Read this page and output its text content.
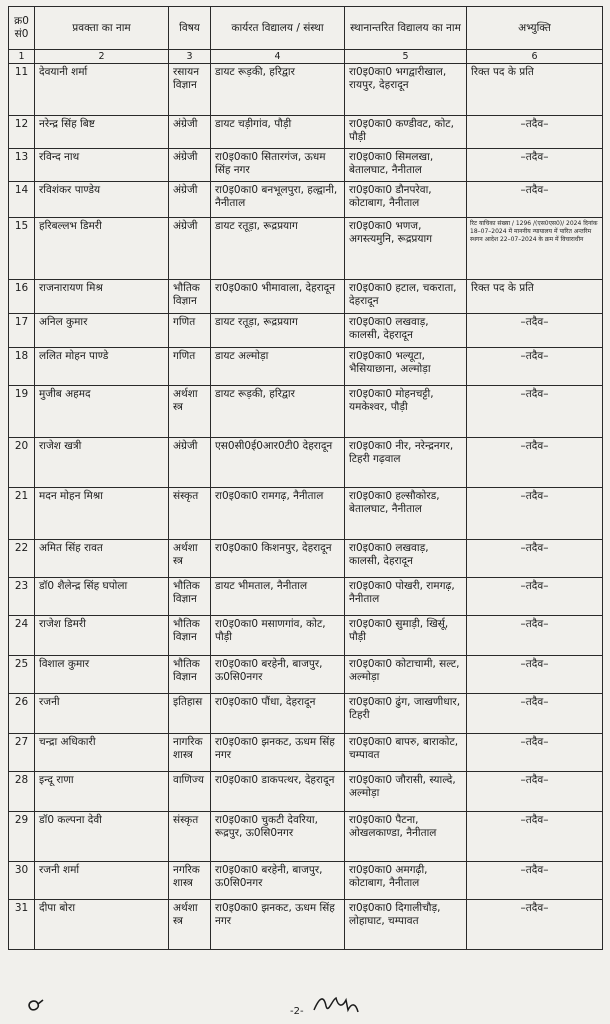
क्र0 सं0	प्रवक्ता का नाम	विषय	कार्यरत विद्यालय / संस्था	स्थानान्तरित विद्यालय का नाम	अभ्युक्ति
1	2	3	4	5	6
11	देवयानी शर्मा	रसायन विज्ञान	डायट रूड़की, हरिद्वार	रा0इ0का0 भगद्वारीखाल, रायपुर, देहरादून	रिक्त पद के प्रति
12	नरेन्द्र सिंह बिष्ट	अंग्रेजी	डायट चड़ीगांव, पौड़ी	रा0इ0का0 कण्डीवट, कोट, पौड़ी	–तदैव–
13	रविन्द नाथ	अंग्रेजी	रा0इ0का0 सितारगंज, ऊधम सिंह नगर	रा0इ0का0 सिमलखा, बेतालघाट, नैनीताल	–तदैव–
14	रविशंकर पाण्डेय	अंग्रेजी	रा0इ0का0 बनभूलपुरा, हल्द्वानी, नैनीताल	रा0इ0का0 डौनपरेवा, कोटाबाग, नैनीताल	–तदैव–
15	हरिबल्लभ डिमरी	अंग्रेजी	डायट रतूड़ा, रूद्रप्रयाग	रा0इ0का0 भणज, अगस्त्यमुनि, रूद्रप्रयाग	रिट याचिका संख्या / 1296 /(एस0एस0)/ 2024 दिनांक 18–07–2024 में माननीय न्यायालय में पारित अन्तरिम स्थगन आदेश 22–07–2024 के क्रम में विचाराधीन
16	राजनारायण मिश्र	भौतिक विज्ञान	रा0इ0का0 भीमावाला, देहरादून	रा0इ0का0 हटाल, चकराता, देहरादून	रिक्त पद के प्रति
17	अनिल कुमार	गणित	डायट रतूड़ा, रूद्रप्रयाग	रा0इ0का0 लखवाड़, कालसी, देहरादून	–तदैव–
18	ललित मोहन पाण्डे	गणित	डायट अल्मोड़ा	रा0इ0का0 भल्यूटा, भैसियाछाना, अल्मोड़ा	–तदैव–
19	मुजीब अहमद	अर्थशास्त्र	डायट रूड़की, हरिद्वार	रा0इ0का0 मोहनचट्टी, यमकेश्वर, पौड़ी	–तदैव–
20	राजेश खत्री	अंग्रेजी	एस0सी0ई0आर0टी0 देहरादून	रा0इ0का0 नीर, नरेन्द्रनगर, टिहरी गढ़वाल	–तदैव–
21	मदन मोहन मिश्रा	संस्कृत	रा0इ0का0 रामगढ़, नैनीताल	रा0इ0का0 हल्सौकोरड, बेतालघाट, नैनीताल	–तदैव–
22	अमित सिंह रावत	अर्थशास्त्र	रा0इ0का0 किशनपुर, देहरादून	रा0इ0का0 लखवाड़, कालसी, देहरादून	–तदैव–
23	डॉ0 शैलेन्द्र सिंह घपोला	भौतिक विज्ञान	डायट भीमताल, नैनीताल	रा0इ0का0 पोखरी, रामगढ़, नैनीताल	–तदैव–
24	राजेश डिमरी	भौतिक विज्ञान	रा0इ0का0 मसाणगांव, कोट, पौड़ी	रा0इ0का0 सुमाड़ी, खिर्सू, पौड़ी	–तदैव–
25	विशाल कुमार	भौतिक विज्ञान	रा0इ0का0 बरहेनी, बाजपुर, ऊ0सि0नगर	रा0इ0का0 कोटाचामी, सल्ट, अल्मोड़ा	–तदैव–
26	रजनी	इतिहास	रा0इ0का0 पौंधा, देहरादून	रा0इ0का0 ढुंग, जाखणीधार, टिहरी	–तदैव–
27	चन्द्रा अधिकारी	नागरिक शास्त्र	रा0इ0का0 झनकट, ऊधम सिंह नगर	रा0इ0का0 बापरु, बाराकोट, चम्पावत	–तदैव–
28	इन्दू राणा	वाणिज्य	रा0इ0का0 डाकपत्थर, देहरादून	रा0इ0का0 जौरासी, स्याल्दे, अल्मोड़ा	–तदैव–
29	डॉ0 कल्पना देवी	संस्कृत	रा0इ0का0 चुकटी देवरिया, रूद्रपुर, ऊ0सि0नगर	रा0इ0का0 पैटना, ओखलकाण्डा, नैनीताल	–तदैव–
30	रजनी शर्मा	नगरिक शास्त्र	रा0इ0का0 बरहेनी, बाजपुर, ऊ0सि0नगर	रा0इ0का0 अमगढ़ी, कोटाबाग, नैनीताल	–तदैव–
31	दीपा बोरा	अर्थशास्त्र	रा0इ0का0 झनकट, ऊधम सिंह नगर	रा0इ0का0 दिगालीचौड़, लोहाघाट, चम्पावत	–तदैव–
-2-
